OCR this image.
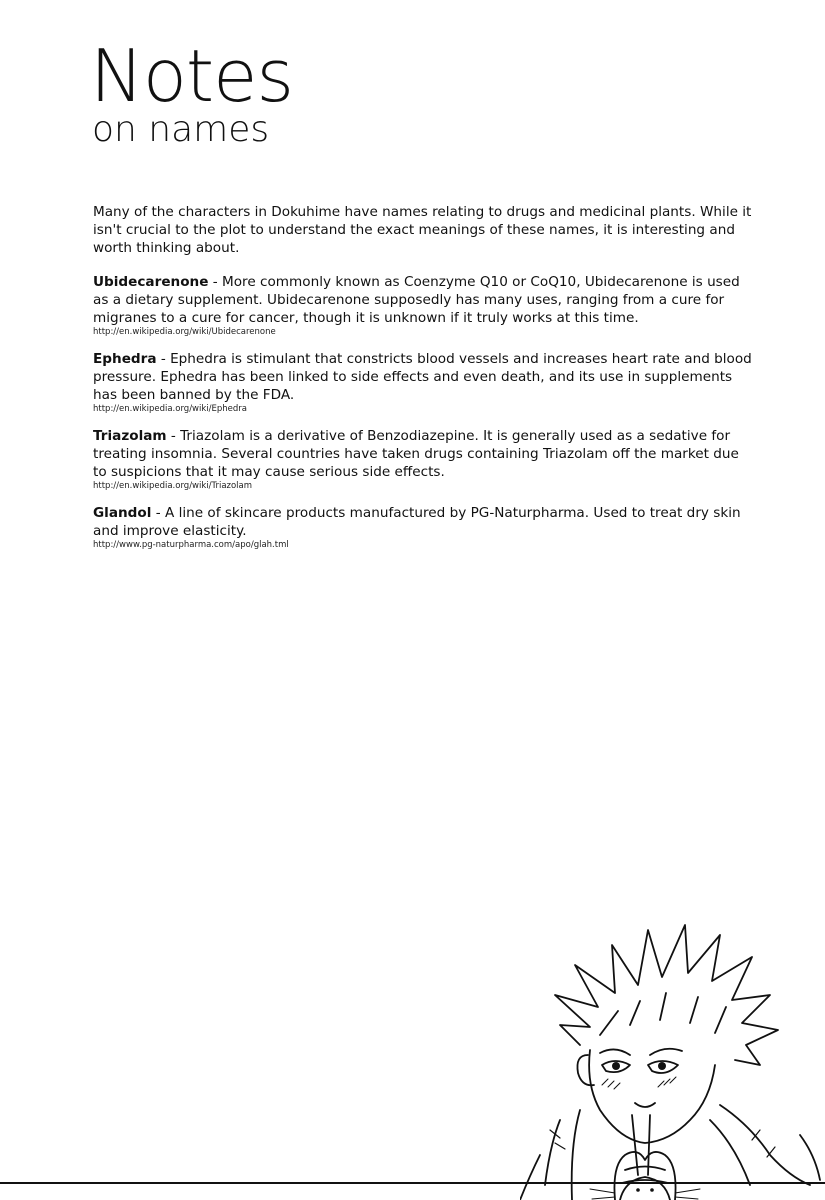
Notes
on names

Many of the characters in Dokuhime have names relating to drugs and medicinal plants. While it isn't crucial to the plot to understand the exact meanings of these names, it is interesting and worth thinking about.

Ubidecarenone - More commonly known as Coenzyme Q10 or CoQ10, Ubidecarenone is used as a dietary supplement. Ubidecarenone supposedly has many uses, ranging from a cure for migranes to a cure for cancer, though it is unknown if it truly works at this time.

http://en.wikipedia.org/wiki/Ubidecarenone

Ephedra - Ephedra is stimulant that constricts blood vessels and increases heart rate and blood pressure. Ephedra has been linked to side effects and even death, and its use in supplements has been banned by the FDA.

http://en.wikipedia.org/wiki/Ephedra

Triazolam - Triazolam is a derivative of Benzodiazepine. It is generally used as a sedative for treating insomnia. Several countries have taken drugs containing Triazolam off the market due to suspicions that it may cause serious side effects.

http://en.wikipedia.org/wiki/Triazolam

Glandol - A line of skincare products manufactured by PG-Naturpharma. Used to treat dry skin and improve elasticity.

http://www.pg-naturpharma.com/apo/glah.tml
